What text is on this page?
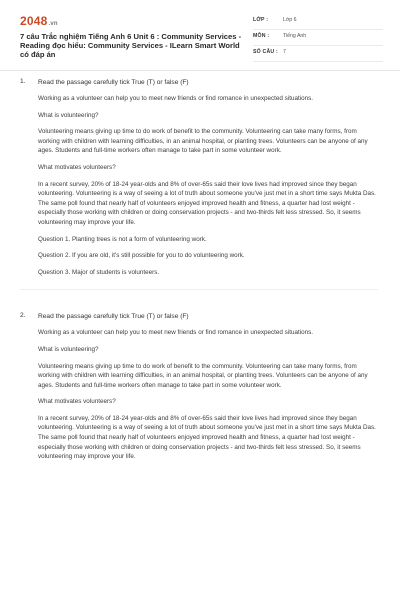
2048.vn
7 câu Trắc nghiệm Tiếng Anh 6 Unit 6 : Community Services - Reading đọc hiểu: Community Services - ILearn Smart World có đáp án
LỚP :	Lớp 6
MÔN :	Tiếng Anh
SỐ CÂU : 7
1. Read the passage carefully tick True (T) or false (F)

Working as a volunteer can help you to meet new friends or find romance in unexpected situations.

What is volunteering?

Volunteering means giving up time to do work of benefit to the community. Volunteering can take many forms, from working with children with learning difficulties, in an animal hospital, or planting trees. Volunteers can be anyone of any ages. Students and full-time workers often manage to take part in some volunteer work.

What motivates volunteers?

In a recent survey, 20% of 18-24 year-olds and 8% of over-65s said their love lives had improved since they began volunteering. Volunteering is a way of seeing a lot of truth about someone you've just met in a short time says Mukta Das. The same poll found that nearly half of volunteers enjoyed improved health and fitness, a quarter had lost weight - especially those working with children or doing conservation projects - and two-thirds felt less stressed. So, it seems volunteering may improve your life.

Question 1. Planting trees is not a form of volunteering work.

Question 2. If you are old, it's still possible for you to do volunteering work.

Question 3. Major of students is volunteers.

2. Read the passage carefully tick True (T) or false (F)

Working as a volunteer can help you to meet new friends or find romance in unexpected situations.

What is volunteering?

Volunteering means giving up time to do work of benefit to the community. Volunteering can take many forms, from working with children with learning difficulties, in an animal hospital, or planting trees. Volunteers can be anyone of any ages. Students and full-time workers often manage to take part in some volunteer work.

What motivates volunteers?

In a recent survey, 20% of 18-24 year-olds and 8% of over-65s said their love lives had improved since they began volunteering. Volunteering is a way of seeing a lot of truth about someone you've just met in a short time says Mukta Das. The same poll found that nearly half of volunteers enjoyed improved health and fitness, a quarter had lost weight - especially those working with children or doing conservation projects - and two-thirds felt less stressed. So, it seems volunteering may improve your life.
